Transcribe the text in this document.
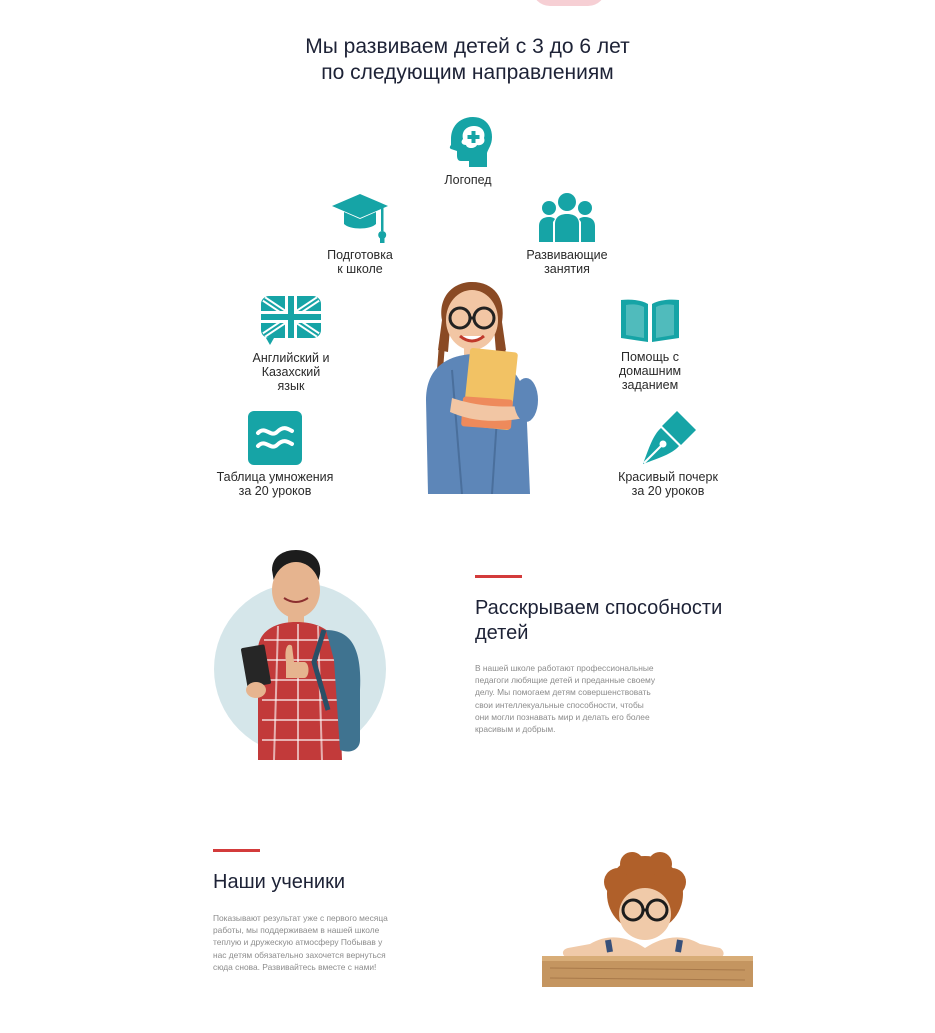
Мы развиваем детей с 3 до 6 лет
по следующим направлениям
Логопед
Подготовка
к школе
Развивающие
занятия
Английский и
Казахский
язык
Помощь с
домашним
заданием
Таблица умножения
за 20 уроков
Красивый почерк
за 20 уроков
Расскрываем способности
детей
В нашей школе работают профессиональные
педагоги любящие детей и преданные своему
делу. Мы помогаем детям совершенствовать
свои интеллекуальные способности, чтобы
они могли познавать мир и делать его более
красивым и добрым.
Наши ученики
Показывают результат уже с первого месяца
работы, мы поддерживаем в нашей школе
теплую и дружескую атмосферу Побывав у
нас детям обязательно захочется вернуться
сюда снова. Развивайтесь вместе с нами!
